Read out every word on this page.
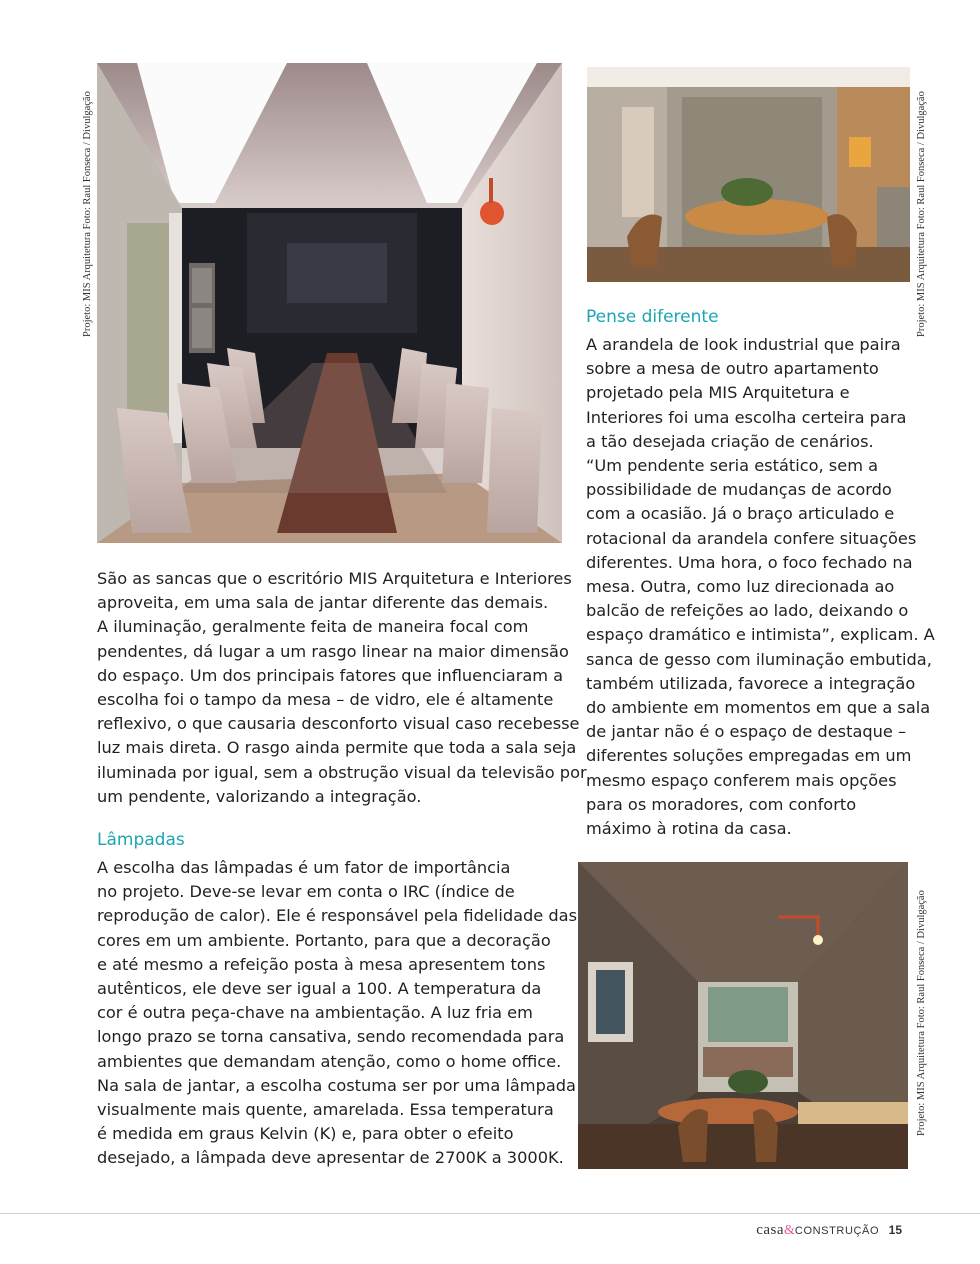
Projeto: MIS Arquitetura Foto: Raul Fonseca / Divulgação	Projeto: MIS Arquitetura Foto: Raul Fonseca / Divulgação
Projeto: MIS Arquitetura Foto: Raul Fonseca / Divulgação

São as sancas que o escritório MIS Arquitetura e Interiores
aproveita, em uma sala de jantar diferente das demais.
A iluminação, geralmente feita de maneira focal com
pendentes, dá lugar a um rasgo linear na maior dimensão
do espaço. Um dos principais fatores que influenciaram a
escolha foi o tampo da mesa – de vidro, ele é altamente
reflexivo, o que causaria desconforto visual caso recebesse
luz mais direta. O rasgo ainda permite que toda a sala seja
iluminada por igual, sem a obstrução visual da televisão por
um pendente, valorizando a integração.

Lâmpadas

A escolha das lâmpadas é um fator de importância
no projeto. Deve-se levar em conta o IRC (índice de
reprodução de calor). Ele é responsável pela fidelidade das
cores em um ambiente. Portanto, para que a decoração
e até mesmo a refeição posta à mesa apresentem tons
autênticos, ele deve ser igual a 100. A temperatura da
cor é outra peça-chave na ambientação. A luz fria em
longo prazo se torna cansativa, sendo recomendada para
ambientes que demandam atenção, como o home office.
Na sala de jantar, a escolha costuma ser por uma lâmpada
visualmente mais quente, amarelada. Essa temperatura
é medida em graus Kelvin (K) e, para obter o efeito
desejado, a lâmpada deve apresentar de 2700K a 3000K.

Pense diferente

A arandela de look industrial que paira
sobre a mesa de outro apartamento
projetado pela MIS Arquitetura e
Interiores foi uma escolha certeira para
a tão desejada criação de cenários.
“Um pendente seria estático, sem a
possibilidade de mudanças de acordo
com a ocasião. Já o braço articulado e
rotacional da arandela confere situações
diferentes. Uma hora, o foco fechado na
mesa. Outra, como luz direcionada ao
balcão de refeições ao lado, deixando o
espaço dramático e intimista”, explicam. A
sanca de gesso com iluminação embutida,
também utilizada, favorece a integração
do ambiente em momentos em que a sala
de jantar não é o espaço de destaque –
diferentes soluções empregadas em um
mesmo espaço conferem mais opções
para os moradores, com conforto
máximo à rotina da casa.

casa&CONSTRUÇÃO 15
